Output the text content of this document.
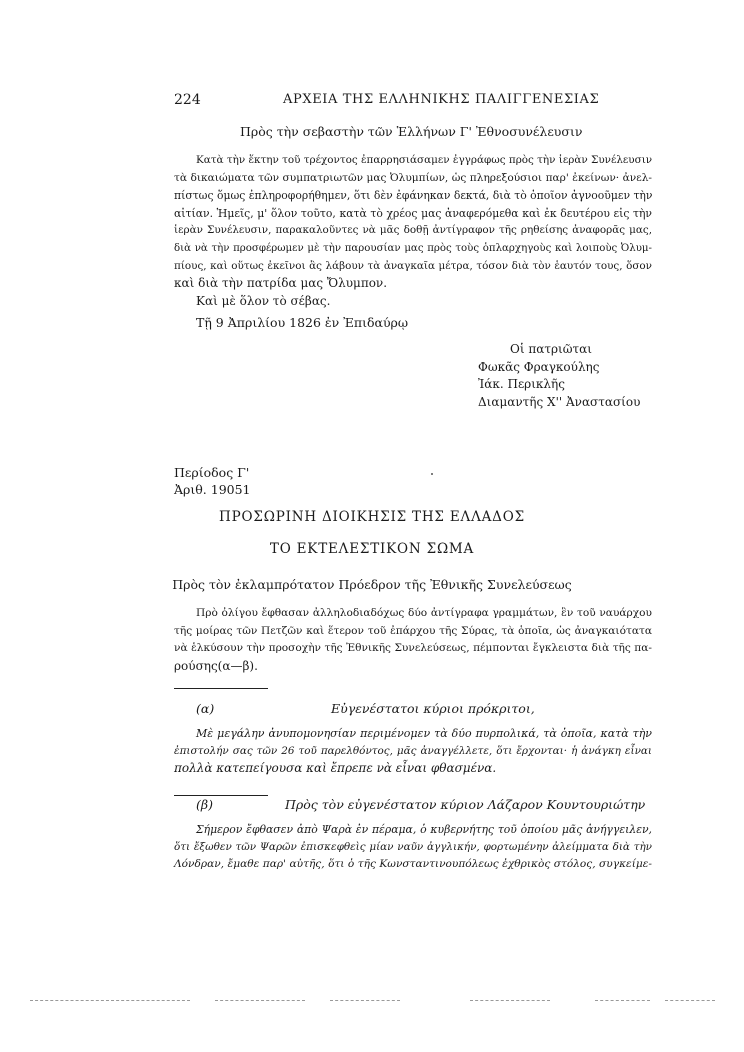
224	ΑΡΧΕΙΑ ΤΗΣ ΕΛΛΗΝΙΚΗΣ ΠΑΛΙΓΓΕΝΕΣΙΑΣ
Πρὸς τὴν σεβαστὴν τῶν Ἑλλήνων Γ' Ἐθνοσυνέλευσιν
Κατὰ τὴν ἕκτην τοῦ τρέχοντος ἐπαρρησιάσαμεν ἐγγράφως πρὸς τὴν ἱερὰν Συνέλευσιν
τὰ δικαιώματα τῶν συμπατριωτῶν μας Ὀλυμπίων, ὡς πληρεξούσιοι παρ' ἐκείνων· ἀνελ-
πίστως ὅμως ἐπληροφορήθημεν, ὅτι δὲν ἐφάνηκαν δεκτά, διὰ τὸ ὁποῖον ἀγνοοῦμεν τὴν
αἰτίαν. Ἡμεῖς, μ' ὅλον τοῦτο, κατὰ τὸ χρέος μας ἀναφερόμεθα καὶ ἐκ δευτέρου εἰς τὴν
ἱερὰν Συνέλευσιν, παρακαλοῦντες νὰ μᾶς δοθῇ ἀντίγραφον τῆς ρηθείσης ἀναφορᾶς μας,
διὰ νὰ τὴν προσφέρωμεν μὲ τὴν παρουσίαν μας πρὸς τοὺς ὁπλαρχηγοὺς καὶ λοιποὺς Ὀλυμ-
πίους, καὶ οὕτως ἐκεῖνοι ἂς λάβουν τὰ ἀναγκαῖα μέτρα, τόσον διὰ τὸν ἑαυτόν τους, ὅσον
καὶ διὰ τὴν πατρίδα μας Ὄλυμπον.
Καὶ μὲ ὅλον τὸ σέβας.
Τῇ 9 Ἀπριλίου 1826 ἐν Ἐπιδαύρῳ
Οἱ πατριῶται
Φωκᾶς Φραγκούλης
Ἰάκ. Περικλῆς
Διαμαντῆς Χ'' Ἀναστασίου
Περίοδος Γ'
Ἀριθ. 19051
ΠΡΟΣΩΡΙΝΗ ΔΙΟΙΚΗΣΙΣ ΤΗΣ ΕΛΛΑΔΟΣ
ΤΟ ΕΚΤΕΛΕΣΤΙΚΟΝ ΣΩΜΑ
Πρὸς τὸν ἐκλαμπρότατον Πρόεδρον τῆς Ἐθνικῆς Συνελεύσεως
Πρὸ ὀλίγου ἔφθασαν ἀλληλοδιαδόχως δύο ἀντίγραφα γραμμάτων, ἓν τοῦ ναυάρχου
τῆς μοίρας τῶν Πετζῶν καὶ ἕτερον τοῦ ἐπάρχου τῆς Σύρας, τὰ ὁποῖα, ὡς ἀναγκαιότατα
νὰ ἑλκύσουν τὴν προσοχὴν τῆς Ἐθνικῆς Συνελεύσεως, πέμπονται ἔγκλειστα διὰ τῆς πα-
ρούσης(α—β).
(α)	Εὐγενέστατοι κύριοι πρόκριτοι,
Μὲ μεγάλην ἀνυπομονησίαν περιμένομεν τὰ δύο πυρπολικά, τὰ ὁποῖα, κατὰ τὴν
ἐπιστολήν σας τῶν 26 τοῦ παρελθόντος, μᾶς ἀναγγέλλετε, ὅτι ἔρχονται· ἡ ἀνάγκη εἶναι
πολλὰ κατεπείγουσα καὶ ἔπρεπε νὰ εἶναι φθασμένα.
(β)	Πρὸς τὸν εὐγενέστατον κύριον Λάζαρον Κουντουριώτην
Σήμερον ἔφθασεν ἀπὸ Ψαρὰ ἐν πέραμα, ὁ κυβερνήτης τοῦ ὁποίου μᾶς ἀνήγγειλεν,
ὅτι ἔξωθεν τῶν Ψαρῶν ἐπισκεφθεὶς μίαν ναῦν ἀγγλικήν, φορτωμένην ἀλείμματα διὰ τὴν
Λόνδραν, ἔμαθε παρ' αὐτῆς, ὅτι ὁ τῆς Κωνσταντινουπόλεως ἐχθρικὸς στόλος, συγκείμε-
